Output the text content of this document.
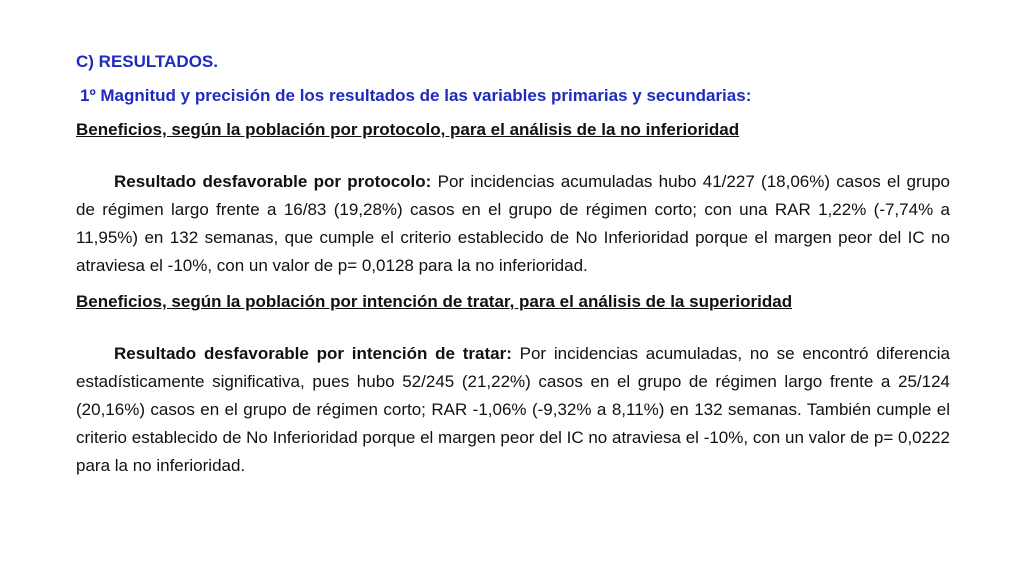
C) RESULTADOS.
1º Magnitud y precisión de los resultados de las variables primarias y secundarias:
Beneficios, según la población por protocolo, para el análisis de la no inferioridad

Resultado desfavorable por protocolo: Por incidencias acumuladas hubo 41/227 (18,06%) casos el grupo de régimen largo frente a 16/83 (19,28%) casos en el grupo de régimen corto; con una RAR 1,22% (-7,74% a 11,95%) en 132 semanas, que cumple el criterio establecido de No Inferioridad porque el margen peor del IC no atraviesa el -10%, con un valor de p= 0,0128 para la no inferioridad.

Beneficios, según la población por intención de tratar, para el análisis de la superioridad

Resultado desfavorable por intención de tratar: Por incidencias acumuladas, no se encontró diferencia estadísticamente significativa, pues hubo 52/245 (21,22%) casos en el grupo de régimen largo frente a 25/124 (20,16%) casos en el grupo de régimen corto; RAR -1,06% (-9,32% a 8,11%) en 132 semanas. También cumple el criterio establecido de No Inferioridad porque el margen peor del IC no atraviesa el -10%, con un valor de p= 0,0222 para la no inferioridad.
